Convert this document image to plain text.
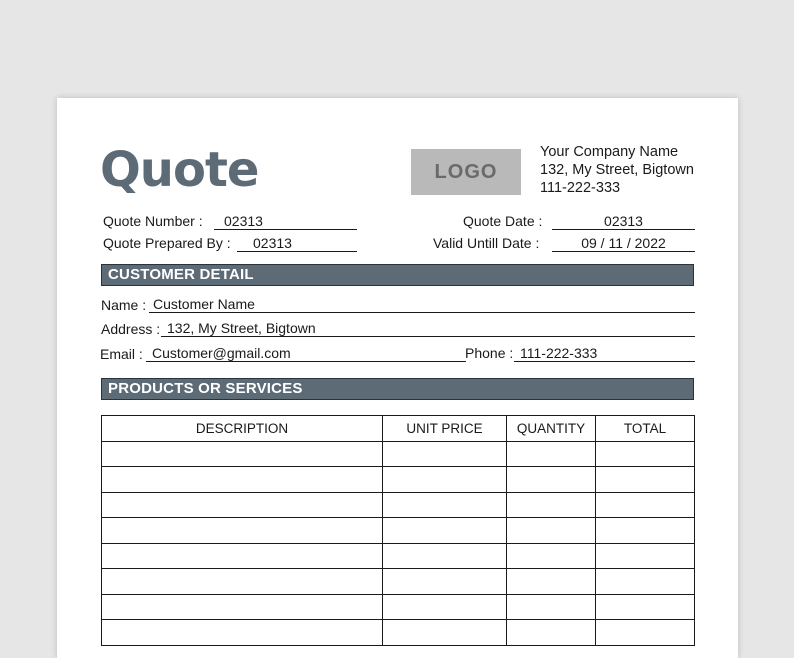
Quote	LOGO
Your Company Name
132, My Street, Bigtown
111-222-333
Quote Number :	02313
Quote Prepared By :	02313
Quote Date :	02313
Valid Untill Date :	09 / 11 / 2022
CUSTOMER DETAIL
Name : Customer Name
Address : 132, My Street, Bigtown
Email : Customer@gmail.com	Phone : 111-222-333
PRODUCTS OR SERVICES
DESCRIPTION	UNIT PRICE	QUANTITY	TOTAL
